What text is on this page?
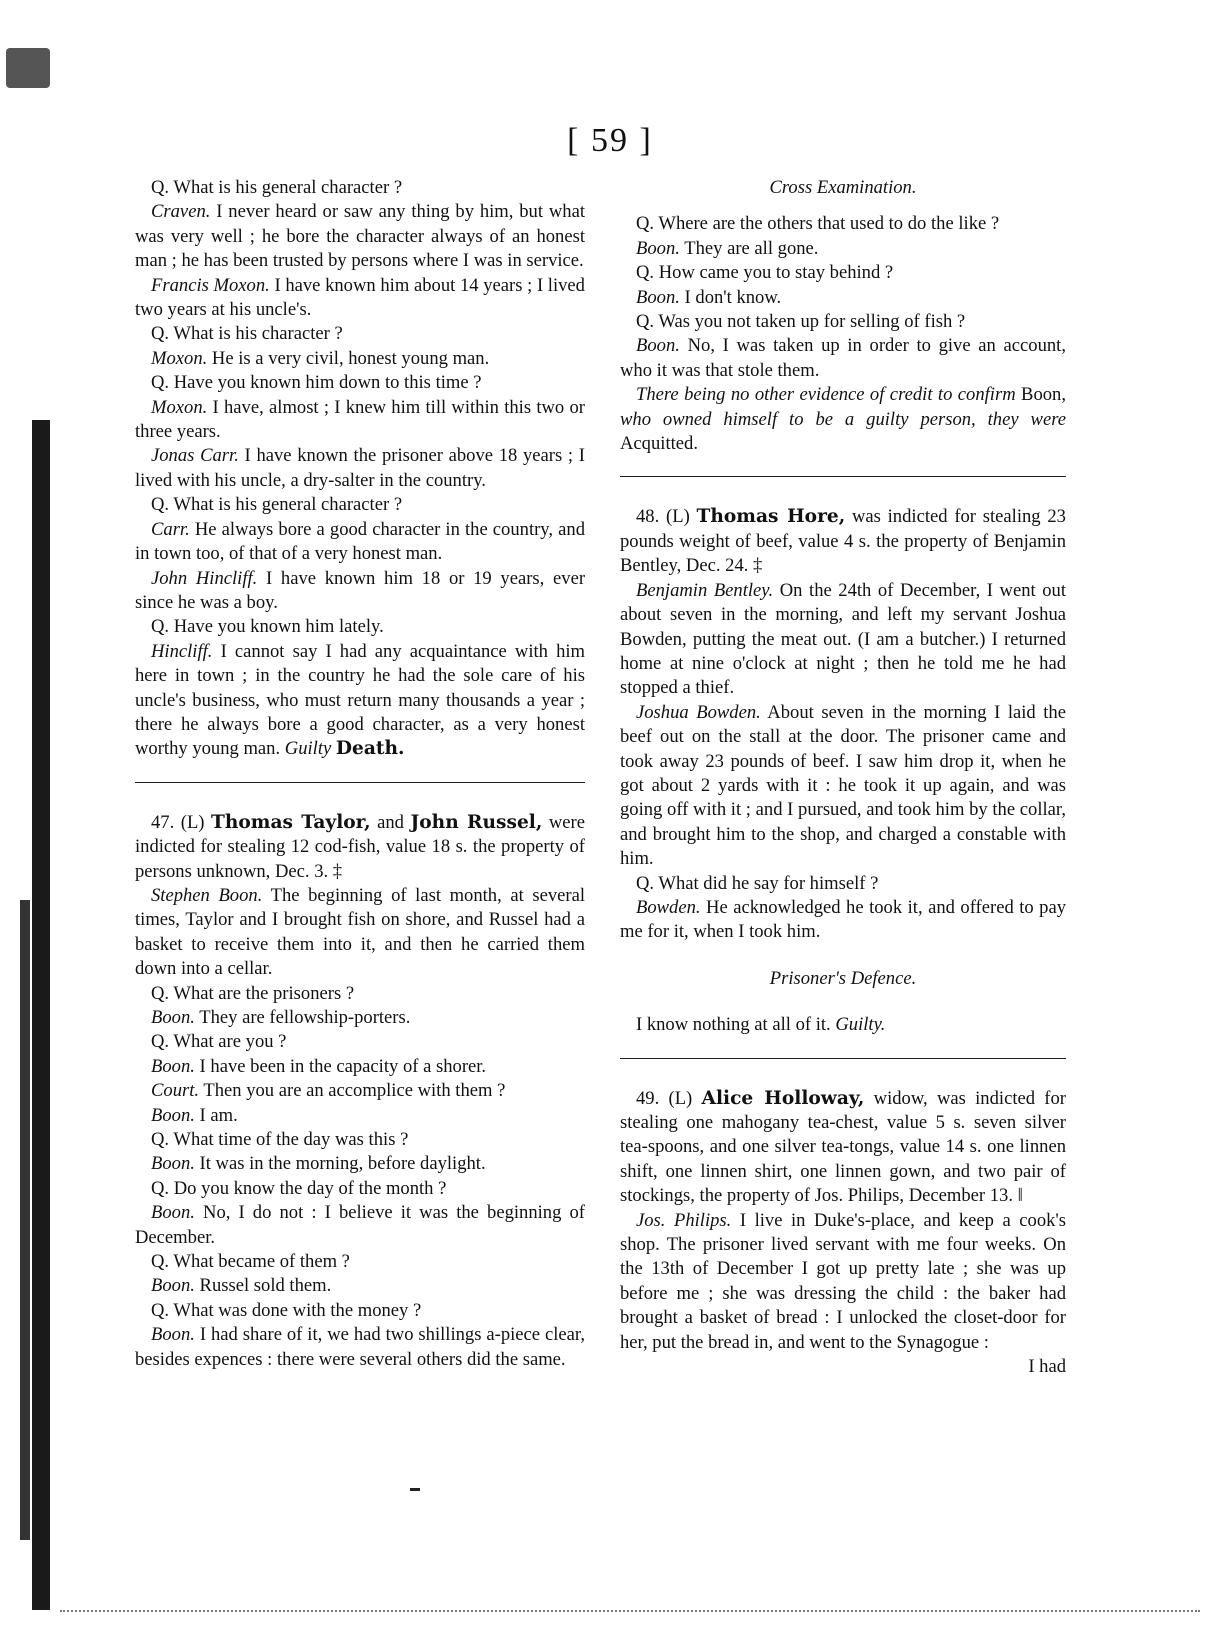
[ 59 ]

Q. What is his general character ?

Craven. I never heard or saw any thing by him, but what was very well ; he bore the character always of an honest man ; he has been trusted by persons where I was in service.

Francis Moxon. I have known him about 14 years ; I lived two years at his uncle's.

Q. What is his character ?

Moxon. He is a very civil, honest young man.

Q. Have you known him down to this time ?

Moxon. I have, almost ; I knew him till within this two or three years.

Jonas Carr. I have known the prisoner above 18 years ; I lived with his uncle, a dry-salter in the country.

Q. What is his general character ?

Carr. He always bore a good character in the country, and in town too, of that of a very honest man.

John Hincliff. I have known him 18 or 19 years, ever since he was a boy.

Q. Have you known him lately.

Hincliff. I cannot say I had any acquaintance with him here in town ; in the country he had the sole care of his uncle's business, who must return many thousands a year ; there he always bore a good character, as a very honest worthy young man. Guilty Death.

47. (L) Thomas Taylor, and John Russel, were indicted for stealing 12 cod-fish, value 18 s. the property of persons unknown, Dec. 3. ‡

Stephen Boon. The beginning of last month, at several times, Taylor and I brought fish on shore, and Russel had a basket to receive them into it, and then he carried them down into a cellar.

Q. What are the prisoners ?

Boon. They are fellowship-porters.

Q. What are you ?

Boon. I have been in the capacity of a shorer.

Court. Then you are an accomplice with them ?

Boon. I am.

Q. What time of the day was this ?

Boon. It was in the morning, before daylight.

Q. Do you know the day of the month ?

Boon. No, I do not : I believe it was the beginning of December.

Q. What became of them ?

Boon. Russel sold them.

Q. What was done with the money ?

Boon. I had share of it, we had two shillings a-piece clear, besides expences : there were several others did the same.

Cross Examination.

Q. Where are the others that used to do the like ?

Boon. They are all gone.

Q. How came you to stay behind ?

Boon. I don't know.

Q. Was you not taken up for selling of fish ?

Boon. No, I was taken up in order to give an account, who it was that stole them.

There being no other evidence of credit to confirm Boon, who owned himself to be a guilty person, they were Acquitted.

48. (L) Thomas Hore, was indicted for stealing 23 pounds weight of beef, value 4 s. the property of Benjamin Bentley, Dec. 24. ‡

Benjamin Bentley. On the 24th of December, I went out about seven in the morning, and left my servant Joshua Bowden, putting the meat out. (I am a butcher.) I returned home at nine o'clock at night ; then he told me he had stopped a thief.

Joshua Bowden. About seven in the morning I laid the beef out on the stall at the door. The prisoner came and took away 23 pounds of beef. I saw him drop it, when he got about 2 yards with it : he took it up again, and was going off with it ; and I pursued, and took him by the collar, and brought him to the shop, and charged a constable with him.

Q. What did he say for himself ?

Bowden. He acknowledged he took it, and offered to pay me for it, when I took him.

Prisoner's Defence.

I know nothing at all of it. Guilty.

49. (L) Alice Holloway, widow, was indicted for stealing one mahogany tea-chest, value 5 s. seven silver tea-spoons, and one silver tea-tongs, value 14 s. one linnen shift, one linnen shirt, one linnen gown, and two pair of stockings, the property of Jos. Philips, December 13. ‖

Jos. Philips. I live in Duke's-place, and keep a cook's shop. The prisoner lived servant with me four weeks. On the 13th of December I got up pretty late ; she was up before me ; she was dressing the child : the baker had brought a basket of bread : I unlocked the closet-door for her, put the bread in, and went to the Synagogue :

I had
